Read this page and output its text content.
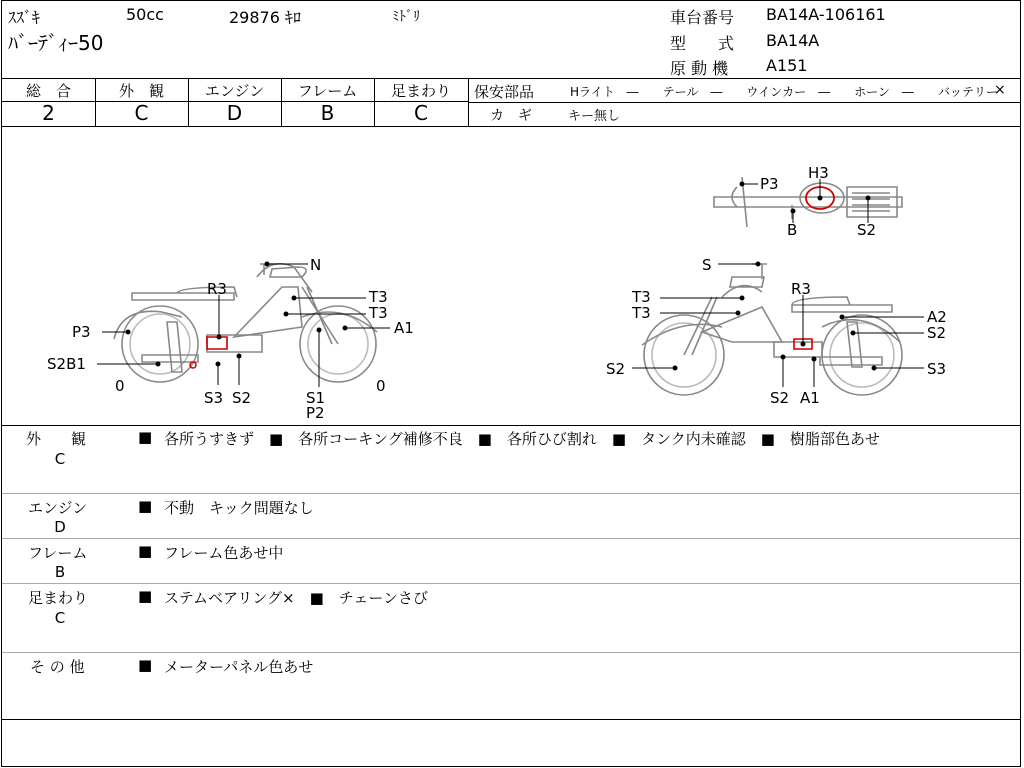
ｽｽﾞｷ	50cc	29876 ｷﾛ	ﾐﾄﾞﾘ
ﾊﾞｰﾃﾞｨｰ50
車台番号 BA14A-106161
型　　式 BA14A
原 動 機 A151
総　合	外　観	エンジン	フレーム	足まわり
2	C	D	B	C
保安部品	Hライト　―　　テール　―　　ウインカー　―　　ホーン　―　　バッテリー
×
カ　ギ	キー無し
P3
H3
B	S2
N
R3	T3
T3
P3	A1
S2B1
0
S3 S2	S1
P2
0
S
T3
T3
R3
A2
S2
S2	S3
S2 A1
外　　観
C
■ 各所うすきず　■　各所コーキング補修不良　■　各所ひび割れ　■　タンク内未確認　■　樹脂部色あせ
エンジン
D
■ 不動　キック問題なし
フレーム
B
■ フレーム色あせ中
足まわり
C
■ ステムベアリング×　■　チェーンさび
そ の 他	■ メーターパネル色あせ
